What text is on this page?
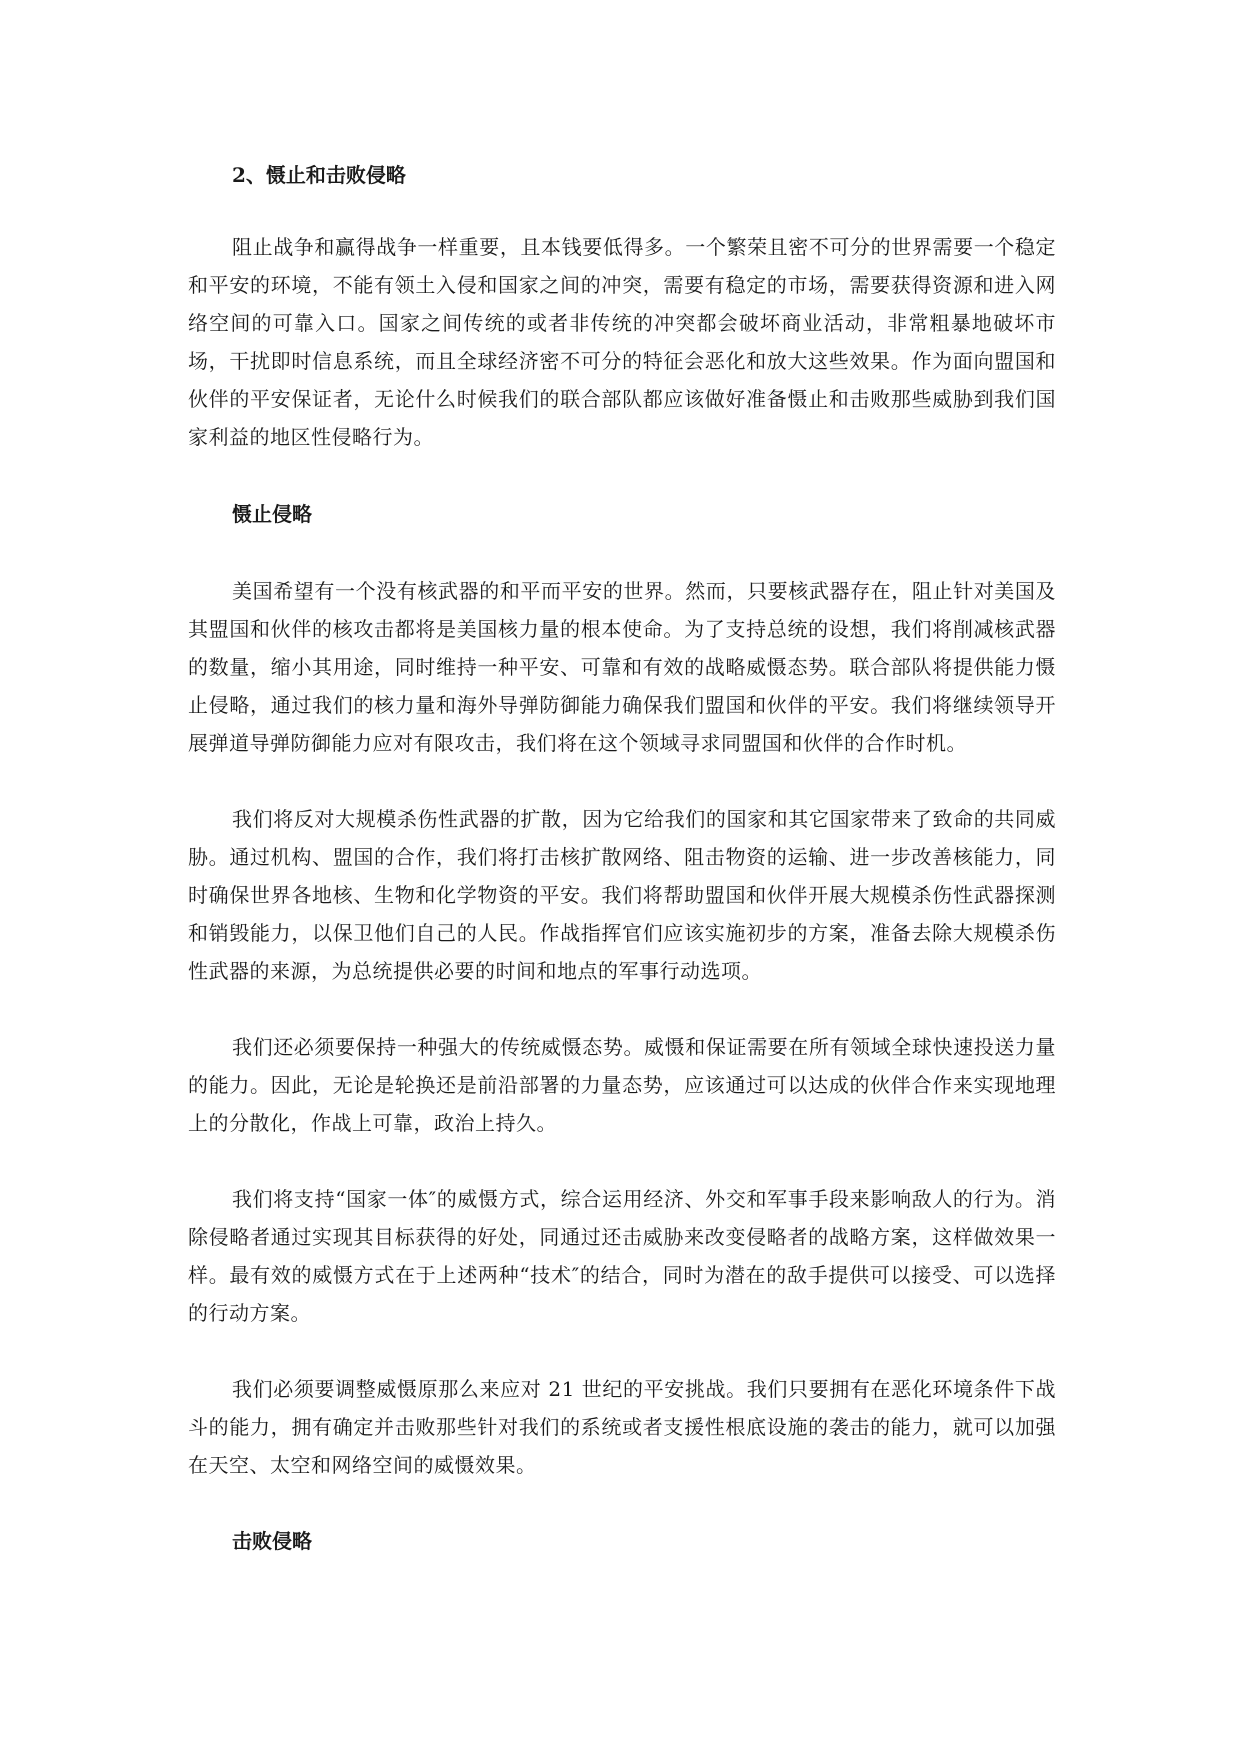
2、慑止和击败侵略

阻止战争和赢得战争一样重要，且本钱要低得多。一个繁荣且密不可分的世界需要一个稳定和平安的环境，不能有领土入侵和国家之间的冲突，需要有稳定的市场，需要获得资源和进入网络空间的可靠入口。国家之间传统的或者非传统的冲突都会破坏商业活动，非常粗暴地破坏市场，干扰即时信息系统，而且全球经济密不可分的特征会恶化和放大这些效果。作为面向盟国和伙伴的平安保证者，无论什么时候我们的联合部队都应该做好准备慑止和击败那些威胁到我们国家利益的地区性侵略行为。

慑止侵略

美国希望有一个没有核武器的和平而平安的世界。然而，只要核武器存在，阻止针对美国及其盟国和伙伴的核攻击都将是美国核力量的根本使命。为了支持总统的设想，我们将削减核武器的数量，缩小其用途，同时维持一种平安、可靠和有效的战略威慑态势。联合部队将提供能力慑止侵略，通过我们的核力量和海外导弹防御能力确保我们盟国和伙伴的平安。我们将继续领导开展弹道导弹防御能力应对有限攻击，我们将在这个领域寻求同盟国和伙伴的合作时机。

我们将反对大规模杀伤性武器的扩散，因为它给我们的国家和其它国家带来了致命的共同威胁。通过机构、盟国的合作，我们将打击核扩散网络、阻击物资的运输、进一步改善核能力，同时确保世界各地核、生物和化学物资的平安。我们将帮助盟国和伙伴开展大规模杀伤性武器探测和销毁能力，以保卫他们自己的人民。作战指挥官们应该实施初步的方案，准备去除大规模杀伤性武器的来源，为总统提供必要的时间和地点的军事行动选项。

我们还必须要保持一种强大的传统威慑态势。威慑和保证需要在所有领域全球快速投送力量的能力。因此，无论是轮换还是前沿部署的力量态势，应该通过可以达成的伙伴合作来实现地理上的分散化，作战上可靠，政治上持久。

我们将支持“国家一体″的威慑方式，综合运用经济、外交和军事手段来影响敌人的行为。消除侵略者通过实现其目标获得的好处，同通过还击威胁来改变侵略者的战略方案，这样做效果一样。最有效的威慑方式在于上述两种“技术″的结合，同时为潜在的敌手提供可以接受、可以选择的行动方案。

我们必须要调整威慑原那么来应对 21 世纪的平安挑战。我们只要拥有在恶化环境条件下战斗的能力，拥有确定并击败那些针对我们的系统或者支援性根底设施的袭击的能力，就可以加强在天空、太空和网络空间的威慑效果。

击败侵略
